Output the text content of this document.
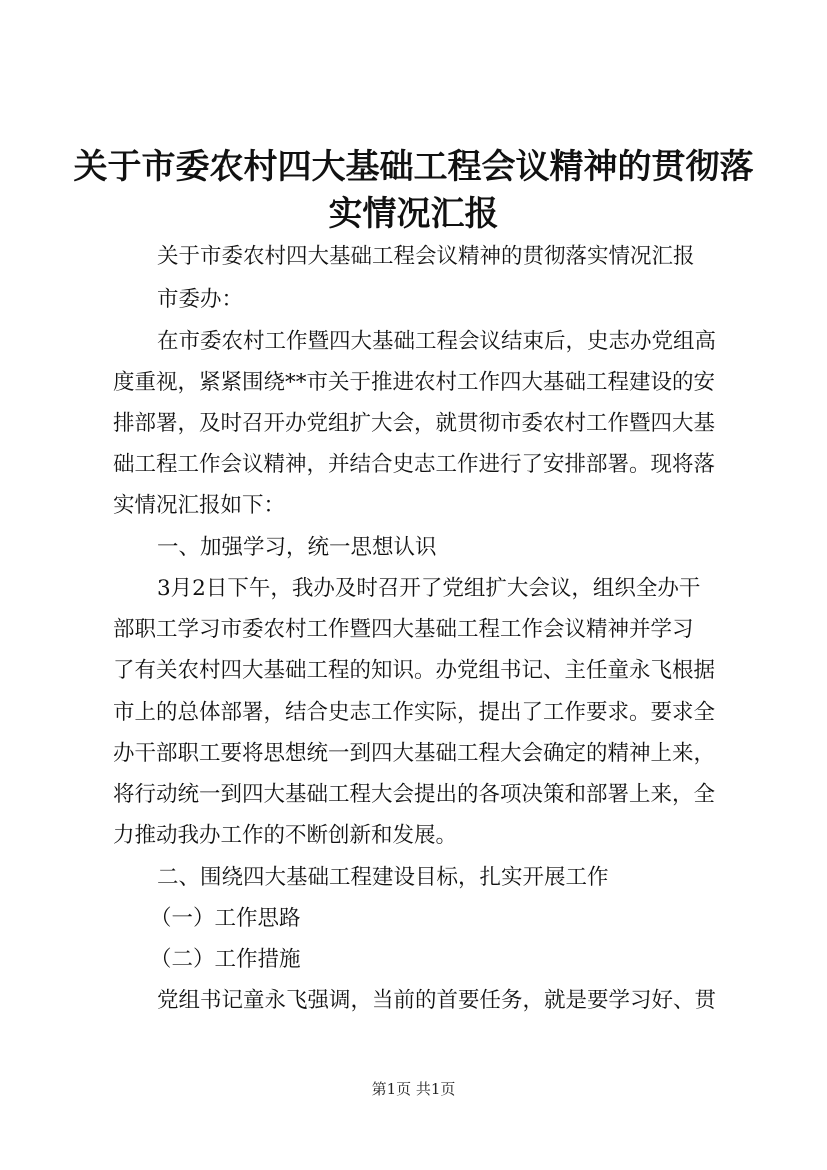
关于市委农村四大基础工程会议精神的贯彻落
实情况汇报
关于市委农村四大基础工程会议精神的贯彻落实情况汇报
市委办：
在市委农村工作暨四大基础工程会议结束后，史志办党组高
度重视，紧紧围绕**市关于推进农村工作四大基础工程建设的安
排部署，及时召开办党组扩大会，就贯彻市委农村工作暨四大基
础工程工作会议精神，并结合史志工作进行了安排部署。现将落
实情况汇报如下：
一、加强学习，统一思想认识
3月2日下午，我办及时召开了党组扩大会议，组织全办干
部职工学习市委农村工作暨四大基础工程工作会议精神并学习
了有关农村四大基础工程的知识。办党组书记、主任童永飞根据
市上的总体部署，结合史志工作实际，提出了工作要求。要求全
办干部职工要将思想统一到四大基础工程大会确定的精神上来，
将行动统一到四大基础工程大会提出的各项决策和部署上来，全
力推动我办工作的不断创新和发展。
二、围绕四大基础工程建设目标，扎实开展工作
（一）工作思路
（二）工作措施
党组书记童永飞强调，当前的首要任务，就是要学习好、贯
第1页 共1页
